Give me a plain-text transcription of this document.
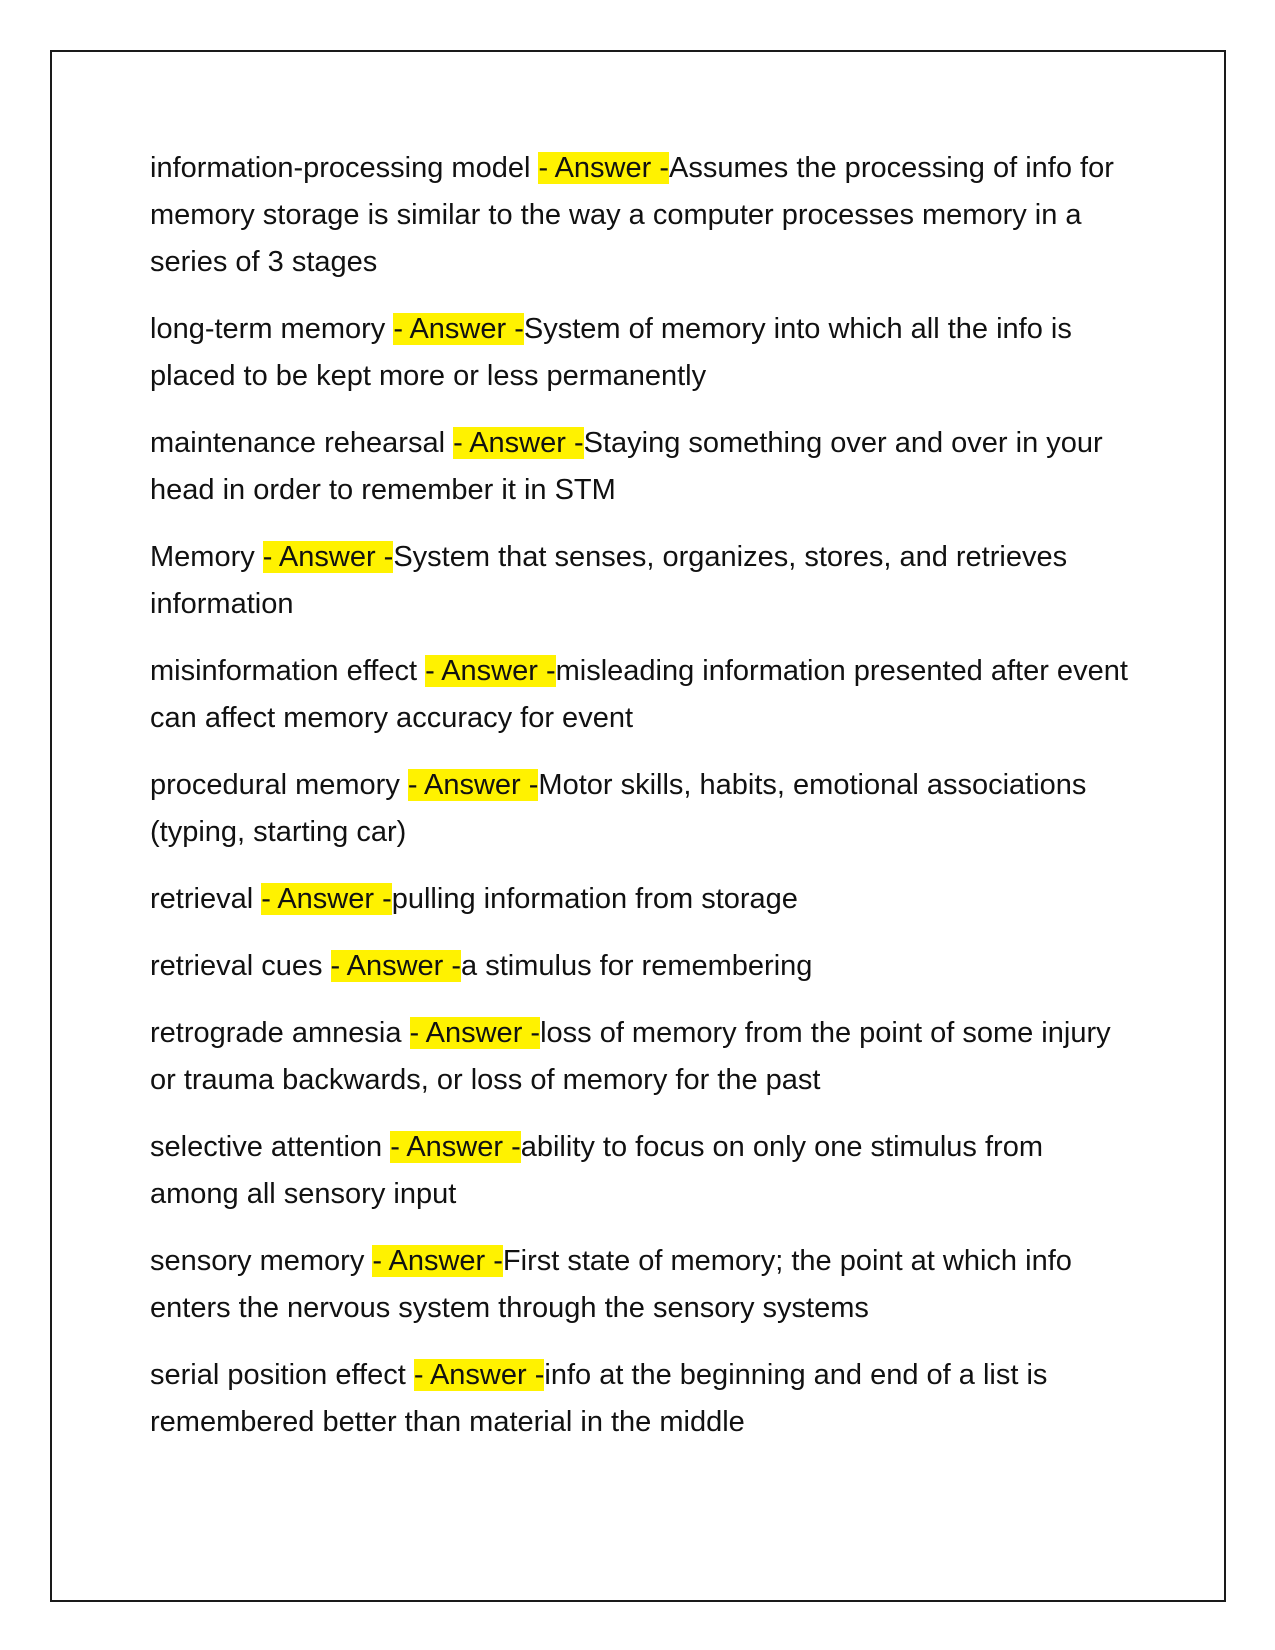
information-processing model - Answer -Assumes the processing of info for memory storage is similar to the way a computer processes memory in a series of 3 stages

long-term memory - Answer -System of memory into which all the info is placed to be kept more or less permanently

maintenance rehearsal - Answer -Staying something over and over in your head in order to remember it in STM

Memory - Answer -System that senses, organizes, stores, and retrieves information

misinformation effect - Answer -misleading information presented after event can affect memory accuracy for event

procedural memory - Answer -Motor skills, habits, emotional associations (typing, starting car)

retrieval - Answer -pulling information from storage

retrieval cues - Answer -a stimulus for remembering

retrograde amnesia - Answer -loss of memory from the point of some injury or trauma backwards, or loss of memory for the past

selective attention - Answer -ability to focus on only one stimulus from among all sensory input

sensory memory - Answer -First state of memory; the point at which info enters the nervous system through the sensory systems

serial position effect - Answer -info at the beginning and end of a list is remembered better than material in the middle
